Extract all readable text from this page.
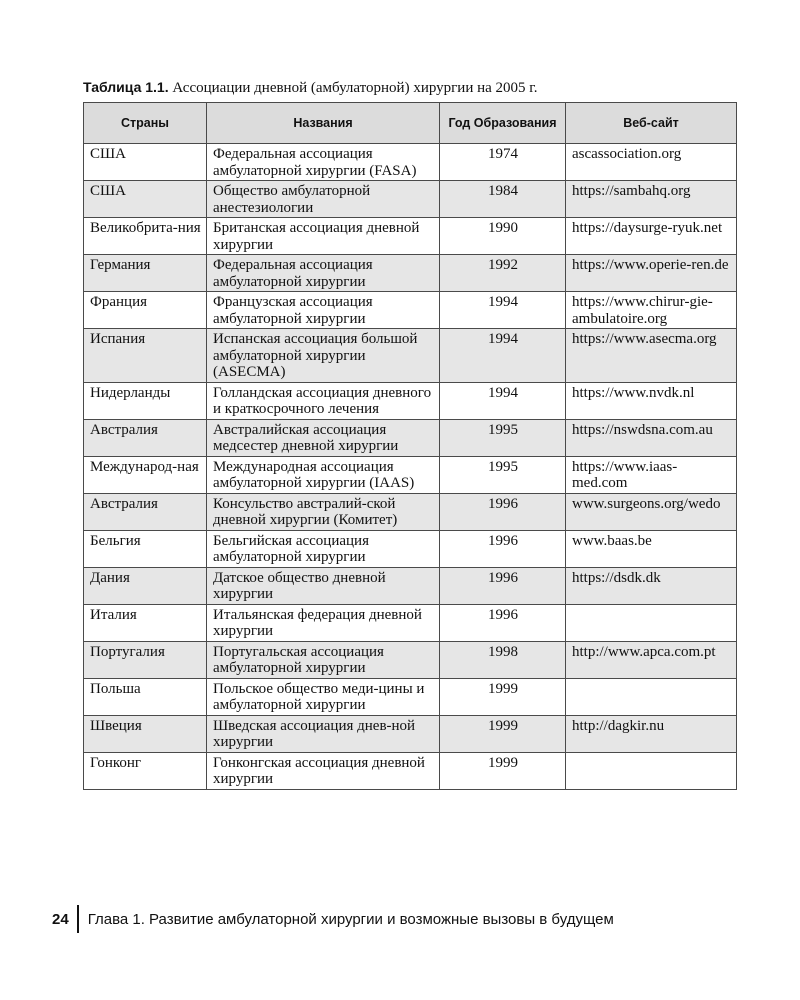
Таблица 1.1. Ассоциации дневной (амбулаторной) хирургии на 2005 г.
Страны	Названия	Год Образования	Веб-сайт
США	Федеральная ассоциация амбулаторной хирургии (FASA)	1974	ascassociation.org
США	Общество амбулаторной анестезиологии	1984	https://sambahq.org
Великобрита-ния	Британская ассоциация дневной хирургии	1990	https://daysurge-ryuk.net
Германия	Федеральная ассоциация амбулаторной хирургии	1992	https://www.operie-ren.de
Франция	Французская ассоциация амбулаторной хирургии	1994	https://www.chirur-gie-ambulatoire.org
Испания	Испанская ассоциация большой амбулаторной хирургии (ASECMA)	1994	https://www.asecma.org
Нидерланды	Голландская ассоциация дневного и краткосрочного лечения	1994	https://www.nvdk.nl
Австралия	Австралийская ассоциация медсестер дневной хирургии	1995	https://nswdsna.com.au
Международ-ная	Международная ассоциация амбулаторной хирургии (IAAS)	1995	https://www.iaas-med.com
Австралия	Консульство австралий-ской дневной хирургии (Комитет)	1996	www.surgeons.org/wedo
Бельгия	Бельгийская ассоциация амбулаторной хирургии	1996	www.baas.be
Дания	Датское общество дневной хирургии	1996	https://dsdk.dk
Италия	Итальянская федерация дневной хирургии	1996	
Португалия	Португальская ассоциация амбулаторной хирургии	1998	http://www.apca.com.pt
Польша	Польское общество меди-цины и амбулаторной хирургии	1999	
Швеция	Шведская ассоциация днев-ной хирургии	1999	http://dagkir.nu
Гонконг	Гонконгская ассоциация дневной хирургии	1999	
24	Глава 1. Развитие амбулаторной хирургии и возможные вызовы в будущем
